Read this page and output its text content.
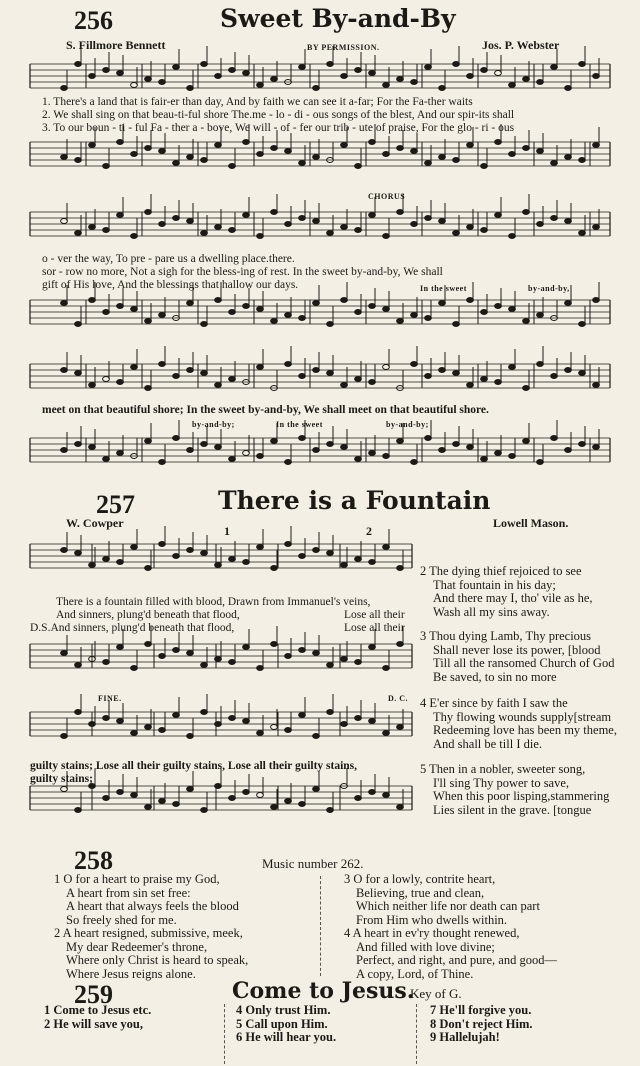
256	Sweet By-and-By
S. Fillmore Bennett	BY PERMISSION.	Jos. P. Webster
1. There's a land that is fair-er than day, And by faith we can see it a-far; For the Fa-ther waits
2. We shall sing on that beau-ti-ful shore The.me - lo - di - ous songs of the blest, And our spir-its shall
3. To our boun - ti - ful Fa - ther a - bove, We will - of - fer our trib - ute of praise, For the glo - ri - ous
CHORUS
o - ver the way, To pre - pare us a dwelling place.there.
sor - row no more, Not a sigh for the bless-ing of rest. In the sweet by-and-by, We shall
gift of His love, And the blessings that hallow our days.	In the sweet	by-and-by,
meet on that beautiful shore; In the sweet by-and-by, We shall meet on that beautiful shore.
by-and-by;	In the sweet	by-and-by;
257	There is a Fountain
W. Cowper	Lowell Mason.
1	2
There is a fountain filled with blood, Drawn from Immanuel's veins,
And sinners, plung'd beneath that flood,	Lose all their
D.S.And sinners, plung'd beneath that flood,	Lose all their
FINE.	D. C.
guilty stains; Lose all their guilty stains, Lose all their guilty stains,
guilty stains;
2 The dying thief rejoiced to see
That fountain in his day;
And there may I, tho' vile as he,
Wash all my sins away.
3 Thou dying Lamb, Thy precious
Shall never lose its power, [blood
Till all the ransomed Church of God
Be saved, to sin no more
4 E'er since by faith I saw the
Thy flowing wounds supply[stream
Redeeming love has been my theme,
And shall be till I die.
5 Then in a nobler, sweeter song,
I'll sing Thy power to save,
When this poor lisping,stammering
Lies silent in the grave. [tongue
258	Music number 262.
1 O for a heart to praise my God,
A heart from sin set free:
A heart that always feels the blood
So freely shed for me.
2 A heart resigned, submissive, meek,
My dear Redeemer's throne,
Where only Christ is heard to speak,
Where Jesus reigns alone.
3 O for a lowly, contrite heart,
Believing, true and clean,
Which neither life nor death can part
From Him who dwells within.
4 A heart in ev'ry thought renewed,
And filled with love divine;
Perfect, and right, and pure, and good—
A copy, Lord, of Thine.
259	Come to Jesus.
Key of G.
1 Come to Jesus etc.
2 He will save you,
4 Only trust Him.
5 Call upon Him.
6 He will hear you.
7 He'll forgive you.
8 Don't reject Him.
9 Hallelujah!
